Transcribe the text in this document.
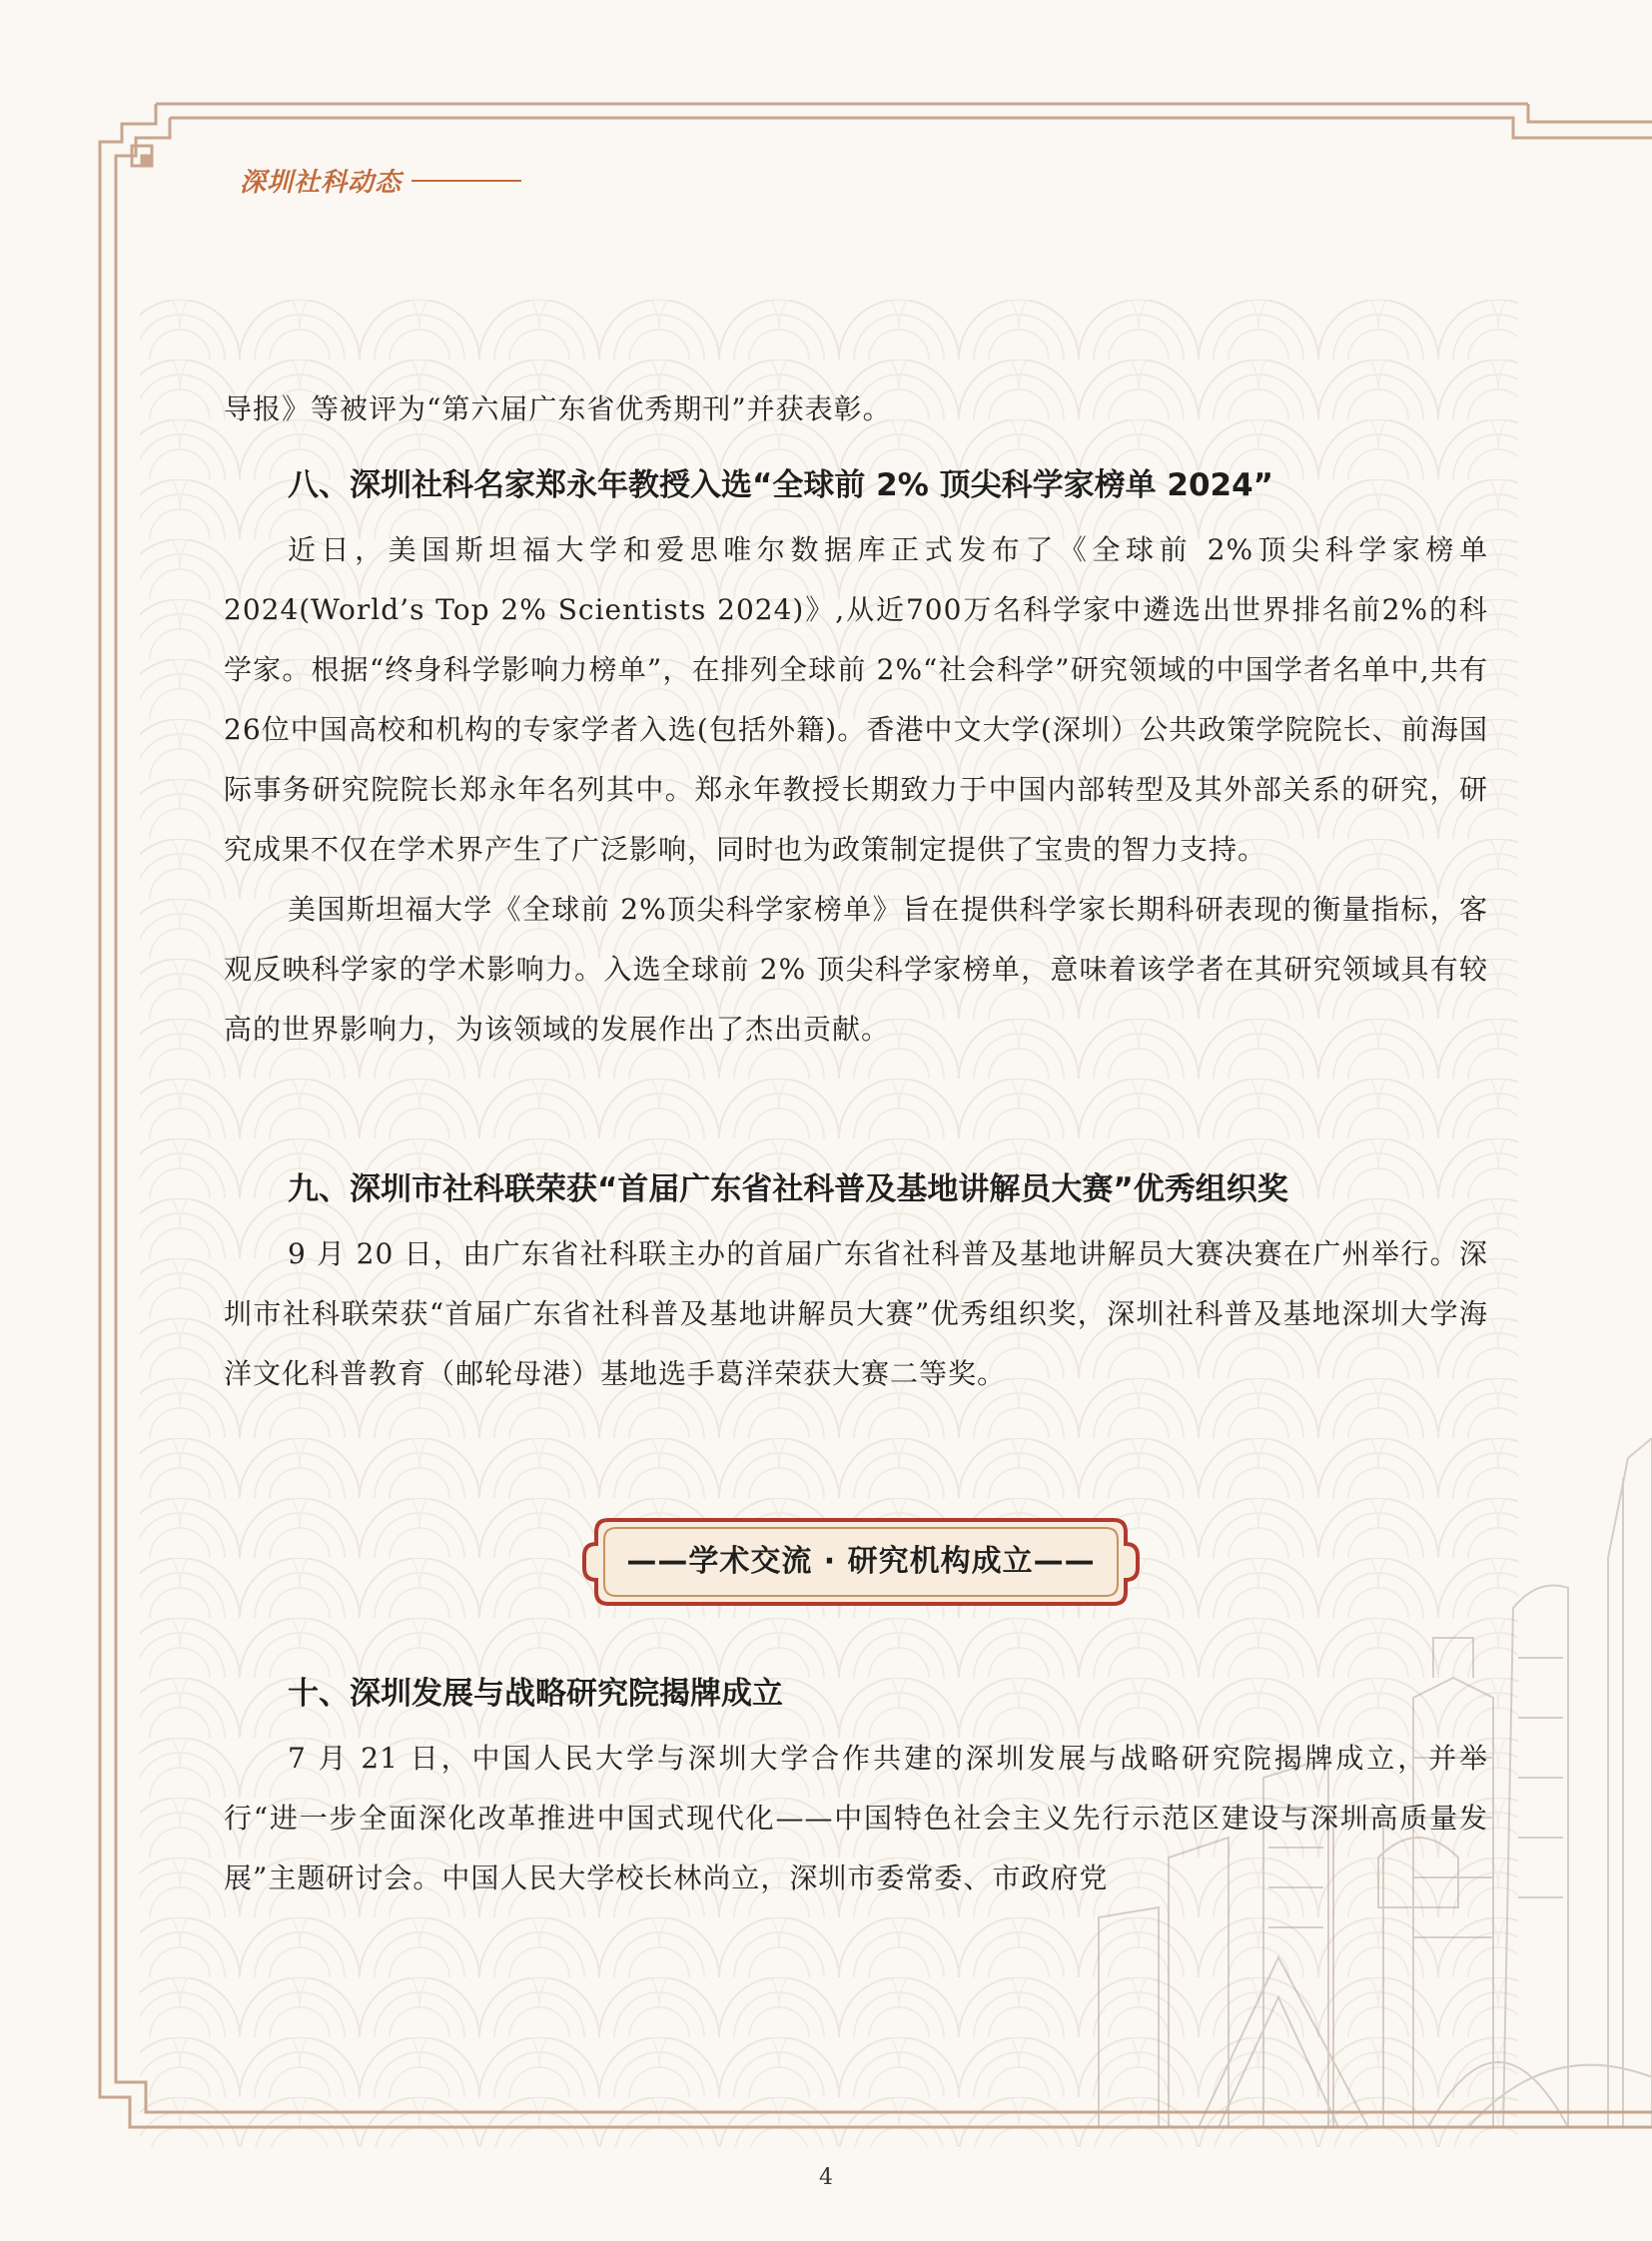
深圳社科动态

导报》等被评为“第六届广东省优秀期刊”并获表彰。

八、深圳社科名家郑永年教授入选“全球前 2% 顶尖科学家榜单 2024”

近日，美国斯坦福大学和爱思唯尔数据库正式发布了《全球前 2%顶尖科学家榜单2024(World’s Top 2% Scientists 2024)》,从近700万名科学家中遴选出世界排名前2%的科学家。根据“终身科学影响力榜单”，在排列全球前 2%“社会科学”研究领域的中国学者名单中,共有26位中国高校和机构的专家学者入选(包括外籍)。香港中文大学(深圳）公共政策学院院长、前海国际事务研究院院长郑永年名列其中。郑永年教授长期致力于中国内部转型及其外部关系的研究，研究成果不仅在学术界产生了广泛影响，同时也为政策制定提供了宝贵的智力支持。

美国斯坦福大学《全球前 2%顶尖科学家榜单》旨在提供科学家长期科研表现的衡量指标，客观反映科学家的学术影响力。入选全球前 2% 顶尖科学家榜单，意味着该学者在其研究领域具有较高的世界影响力，为该领域的发展作出了杰出贡献。

九、深圳市社科联荣获“首届广东省社科普及基地讲解员大赛”优秀组织奖

9 月 20 日，由广东省社科联主办的首届广东省社科普及基地讲解员大赛决赛在广州举行。深圳市社科联荣获“首届广东省社科普及基地讲解员大赛”优秀组织奖，深圳社科普及基地深圳大学海洋文化科普教育（邮轮母港）基地选手葛洋荣获大赛二等奖。

——学术交流 · 研究机构成立——
十、深圳发展与战略研究院揭牌成立

7 月 21 日，中国人民大学与深圳大学合作共建的深圳发展与战略研究院揭牌成立，并举行“进一步全面深化改革推进中国式现代化——中国特色社会主义先行示范区建设与深圳高质量发展”主题研讨会。中国人民大学校长林尚立，深圳市委常委、市政府党

4
